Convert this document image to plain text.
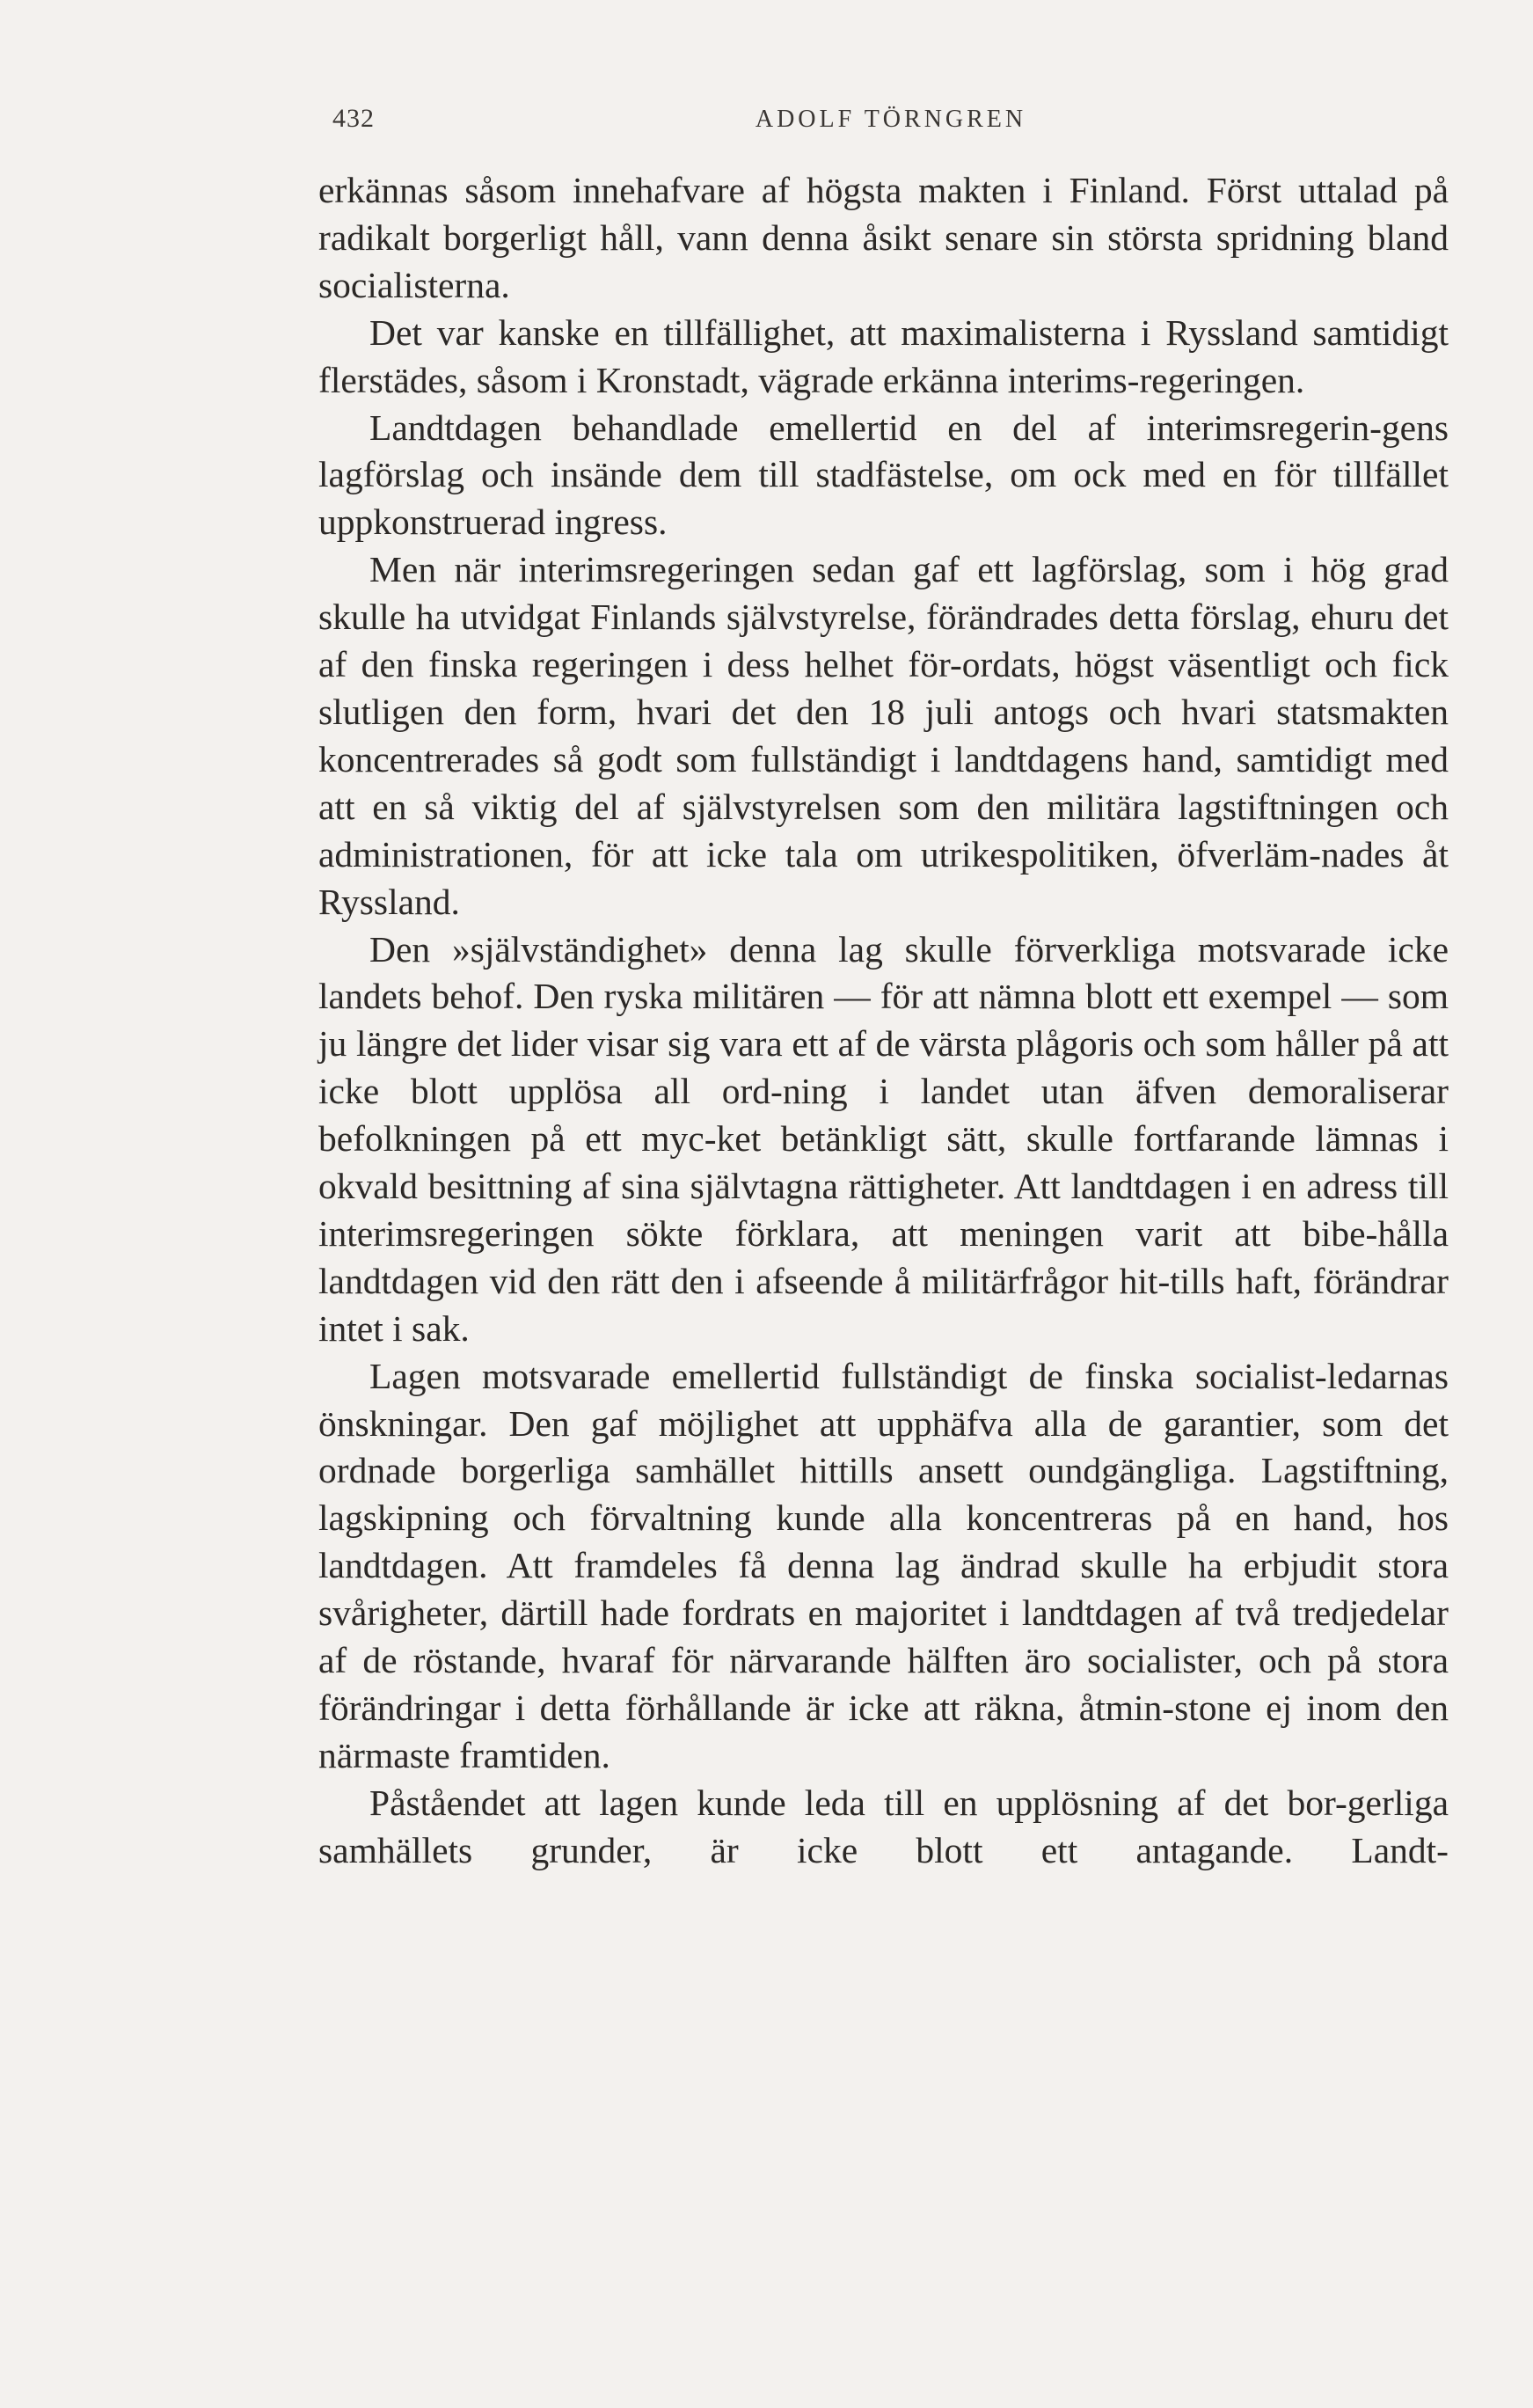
432	ADOLF TÖRNGREN

erkännas såsom innehafvare af högsta makten i Finland. Först uttalad på radikalt borgerligt håll, vann denna åsikt senare sin största spridning bland socialisterna.

Det var kanske en tillfällighet, att maximalisterna i Ryssland samtidigt flerstädes, såsom i Kronstadt, vägrade erkänna interims-regeringen.

Landtdagen behandlade emellertid en del af interimsregerin-gens lagförslag och insände dem till stadfästelse, om ock med en för tillfället uppkonstruerad ingress.

Men när interimsregeringen sedan gaf ett lagförslag, som i hög grad skulle ha utvidgat Finlands självstyrelse, förändrades detta förslag, ehuru det af den finska regeringen i dess helhet för-ordats, högst väsentligt och fick slutligen den form, hvari det den 18 juli antogs och hvari statsmakten koncentrerades så godt som fullständigt i landtdagens hand, samtidigt med att en så viktig del af självstyrelsen som den militära lagstiftningen och administrationen, för att icke tala om utrikespolitiken, öfverläm-nades åt Ryssland.

Den »självständighet» denna lag skulle förverkliga motsvarade icke landets behof. Den ryska militären — för att nämna blott ett exempel — som ju längre det lider visar sig vara ett af de värsta plågoris och som håller på att icke blott upplösa all ord-ning i landet utan äfven demoraliserar befolkningen på ett myc-ket betänkligt sätt, skulle fortfarande lämnas i okvald besittning af sina självtagna rättigheter. Att landtdagen i en adress till interimsregeringen sökte förklara, att meningen varit att bibe-hålla landtdagen vid den rätt den i afseende å militärfrågor hit-tills haft, förändrar intet i sak.

Lagen motsvarade emellertid fullständigt de finska socialist-ledarnas önskningar. Den gaf möjlighet att upphäfva alla de garantier, som det ordnade borgerliga samhället hittills ansett oundgängliga. Lagstiftning, lagskipning och förvaltning kunde alla koncentreras på en hand, hos landtdagen. Att framdeles få denna lag ändrad skulle ha erbjudit stora svårigheter, därtill hade fordrats en majoritet i landtdagen af två tredjedelar af de röstande, hvaraf för närvarande hälften äro socialister, och på stora förändringar i detta förhållande är icke att räkna, åtmin-stone ej inom den närmaste framtiden.

Påståendet att lagen kunde leda till en upplösning af det bor-gerliga samhällets grunder, är icke blott ett antagande. Landt-
